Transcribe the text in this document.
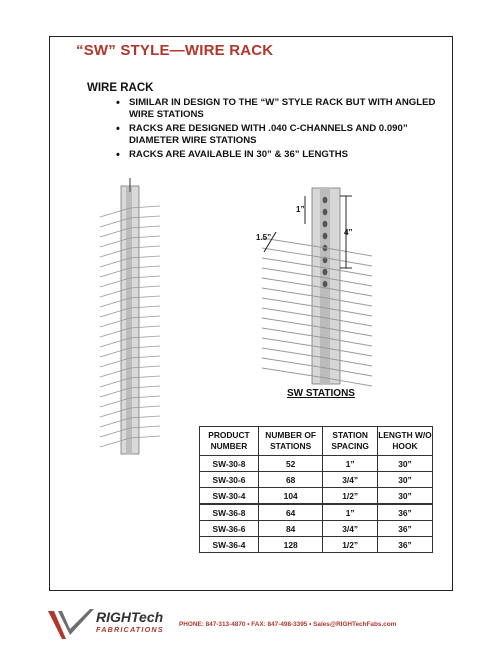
“SW” STYLE—WIRE RACK
WIRE RACK
• SIMILAR IN DESIGN TO THE “W” STYLE RACK BUT WITH ANGLED WIRE STATIONS
• RACKS ARE DESIGNED WITH .040 C-CHANNELS AND 0.090” DIAMETER WIRE STATIONS
• RACKS ARE AVAILABLE IN 30” & 36” LENGTHS
1”
4”
1.5”
SW STATIONS
PRODUCT NUMBER	NUMBER OF STATIONS	STATION SPACING	LENGTH W/O HOOK
SW-30-8	52	1”	30”
SW-30-6	68	3/4”	30”
SW-30-4	104	1/2”	30”
SW-36-8	64	1”	36”
SW-36-6	84	3/4”	36”
SW-36-4	128	1/2”	36”
RIGHTech
FABRICATIONS
PHONE: 847-313-4870 • FAX: 847-498-3395 • Sales@RIGHTechFabs.com
